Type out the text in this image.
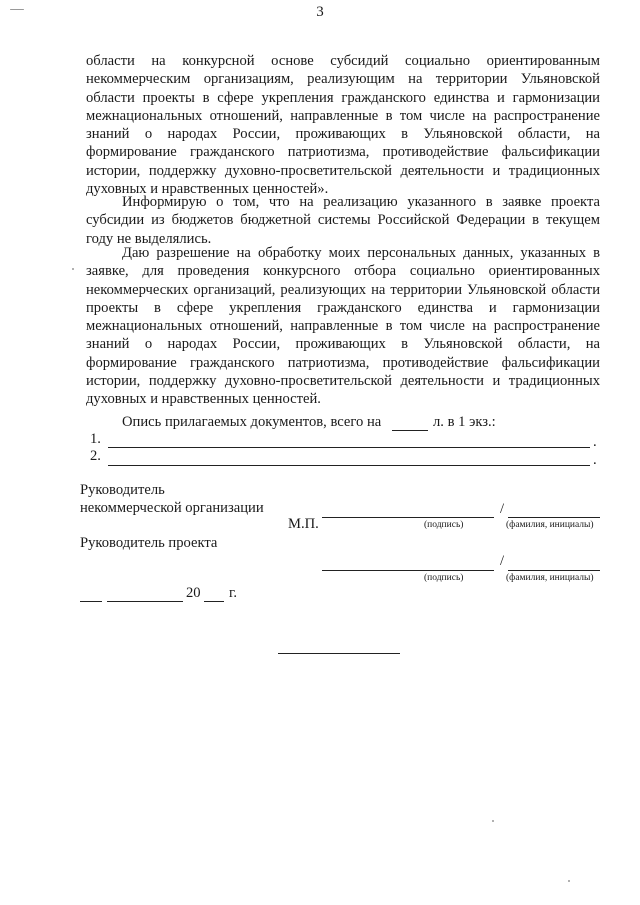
3

области на конкурсной основе субсидий социально ориентированным некоммерческим организациям, реализующим на территории Ульяновской области проекты в сфере укрепления гражданского единства и гармонизации межнациональных отношений, направленные в том числе на распространение знаний о народах России, проживающих в Ульяновской области, на формирование гражданского патриотизма, противодействие фальсификации истории, поддержку духовно-просветительской деятельности и традиционных духовных и нравственных ценностей».

Информирую о том, что на реализацию указанного в заявке проекта субсидии из бюджетов бюджетной системы Российской Федерации в текущем году не выделялись.

Даю разрешение на обработку моих персональных данных, указанных в заявке, для проведения конкурсного отбора социально ориентированных некоммерческих организаций, реализующих на территории Ульяновской области проекты в сфере укрепления гражданского единства и гармонизации межнациональных отношений, направленные в том числе на распространение знаний о народах России, проживающих в Ульяновской области, на формирование гражданского патриотизма, противодействие фальсификации истории, поддержку духовно-просветительской деятельности и традиционных духовных и нравственных ценностей.

Опись прилагаемых документов, всего на	л. в 1 экз.:
1.	.
2.	.
Руководитель
некоммерческой организации
М.П.
/
(подпись)	(фамилия, инициалы)
Руководитель проекта
/
(подпись)	(фамилия, инициалы)
20 г.
